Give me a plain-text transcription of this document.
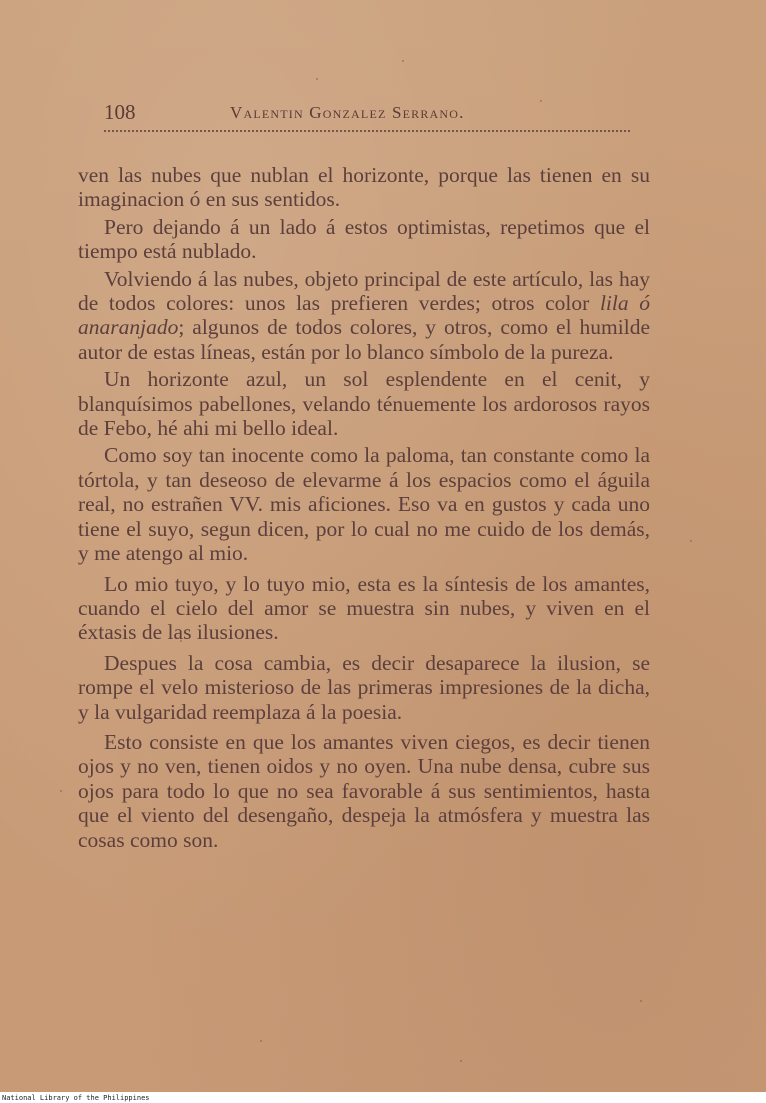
108	Valentin Gonzalez Serrano.

ven las nubes que nublan el horizonte, porque las tienen en su imaginacion ó en sus sentidos.

Pero dejando á un lado á estos optimistas, repetimos que el tiempo está nublado.

Volviendo á las nubes, objeto principal de este artículo, las hay de todos colores: unos las prefieren verdes; otros color lila ó anaranjado; algunos de todos colores, y otros, como el humilde autor de estas líneas, están por lo blanco símbolo de la pureza.

Un horizonte azul, un sol esplendente en el cenit, y blanquísimos pabellones, velando ténuemente los ardorosos rayos de Febo, hé ahi mi bello ideal.

Como soy tan inocente como la paloma, tan constante como la tórtola, y tan deseoso de elevarme á los espacios como el águila real, no estrañen VV. mis aficiones. Eso va en gustos y cada uno tiene el suyo, segun dicen, por lo cual no me cuido de los demás, y me atengo al mio.

Lo mio tuyo, y lo tuyo mio, esta es la síntesis de los amantes, cuando el cielo del amor se muestra sin nubes, y viven en el éxtasis de las ilusiones.

Despues la cosa cambia, es decir desaparece la ilusion, se rompe el velo misterioso de las primeras impresiones de la dicha, y la vulgaridad reemplaza á la poesia.

Esto consiste en que los amantes viven ciegos, es decir tienen ojos y no ven, tienen oidos y no oyen. Una nube densa, cubre sus ojos para todo lo que no sea favorable á sus sentimientos, hasta que el viento del desengaño, despeja la atmósfera y muestra las cosas como son.

National Library of the Philippines
